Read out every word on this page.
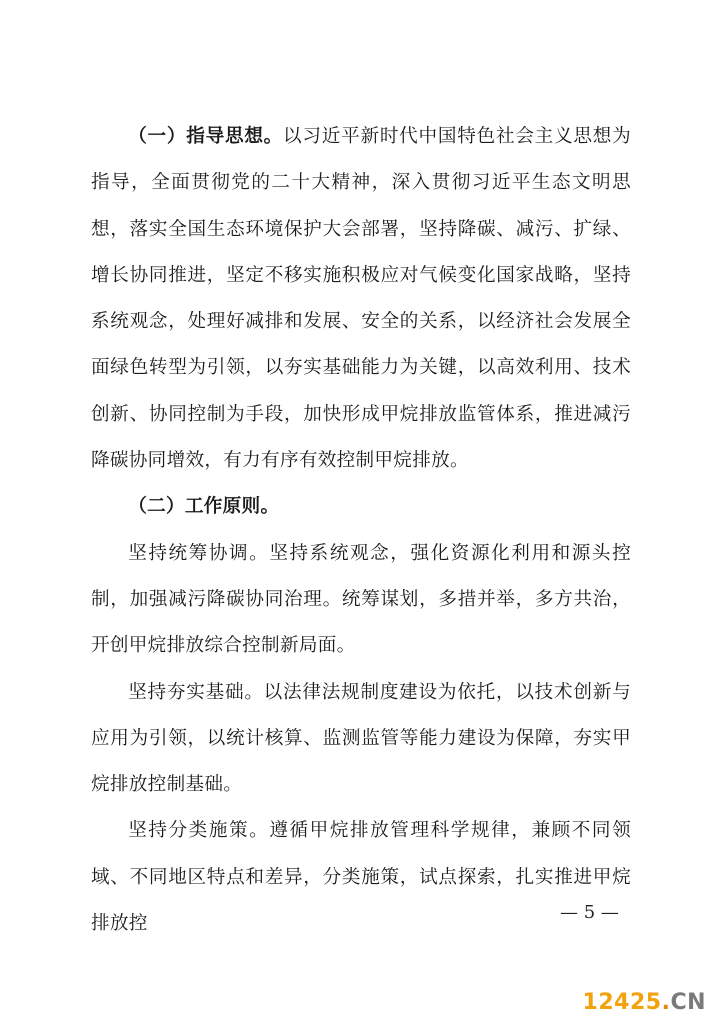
（一）指导思想。以习近平新时代中国特色社会主义思想为指导，全面贯彻党的二十大精神，深入贯彻习近平生态文明思想，落实全国生态环境保护大会部署，坚持降碳、减污、扩绿、增长协同推进，坚定不移实施积极应对气候变化国家战略，坚持系统观念，处理好减排和发展、安全的关系，以经济社会发展全面绿色转型为引领，以夯实基础能力为关键，以高效利用、技术创新、协同控制为手段，加快形成甲烷排放监管体系，推进减污降碳协同增效，有力有序有效控制甲烷排放。

（二）工作原则。

坚持统筹协调。坚持系统观念，强化资源化利用和源头控制，加强减污降碳协同治理。统筹谋划，多措并举，多方共治，开创甲烷排放综合控制新局面。

坚持夯实基础。以法律法规制度建设为依托，以技术创新与应用为引领，以统计核算、监测监管等能力建设为保障，夯实甲烷排放控制基础。

坚持分类施策。遵循甲烷排放管理科学规律，兼顾不同领域、不同地区特点和差异，分类施策，试点探索，扎实推进甲烷排放控

— 5 —
12425.CN
